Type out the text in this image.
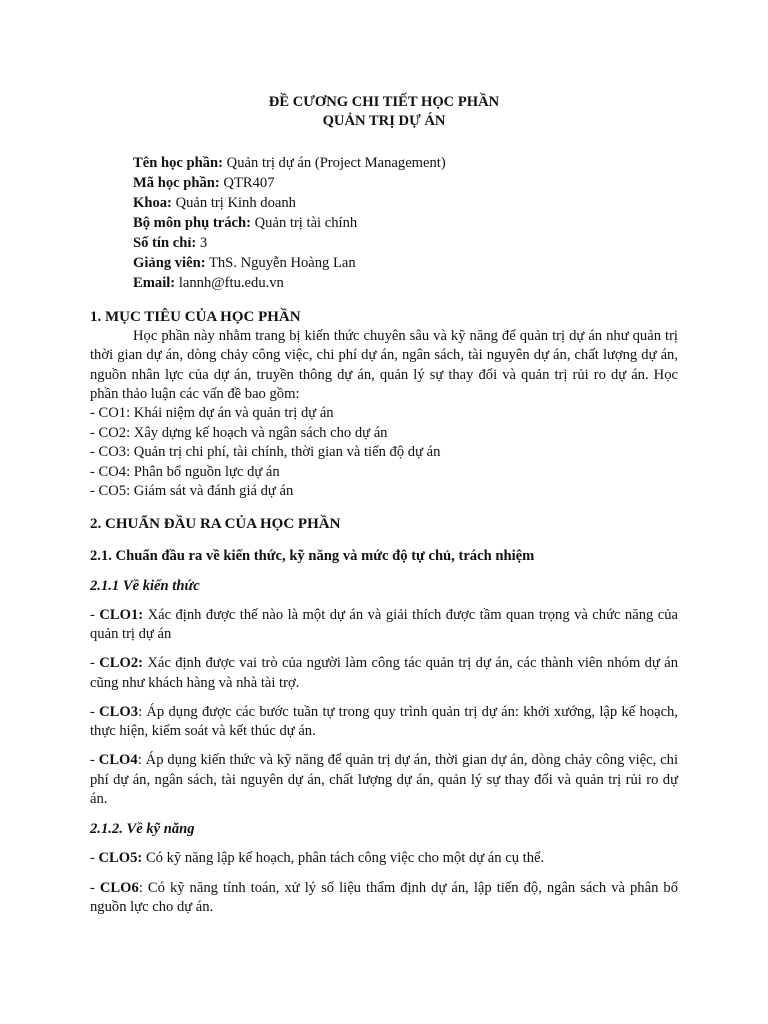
ĐỀ CƯƠNG CHI TIẾT HỌC PHẦN
QUẢN TRỊ DỰ ÁN
Tên học phần: Quản trị dự án (Project Management)
Mã học phần: QTR407
Khoa: Quản trị Kinh doanh
Bộ môn phụ trách: Quản trị tài chính
Số tín chỉ: 3
Giảng viên: ThS. Nguyễn Hoàng Lan
Email: lannh@ftu.edu.vn
1. MỤC TIÊU CỦA HỌC PHẦN

Học phần này nhằm trang bị kiến thức chuyên sâu và kỹ năng để quản trị dự án như quản trị thời gian dự án, dòng chảy công việc, chi phí dự án, ngân sách, tài nguyên dự án, chất lượng dự án, nguồn nhân lực của dự án, truyền thông dự án, quản lý sự thay đổi và quản trị rủi ro dự án. Học phần thảo luận các vấn đề bao gồm:

- CO1: Khái niệm dự án và quản trị dự án
- CO2: Xây dựng kế hoạch và ngân sách cho dự án
- CO3: Quản trị chi phí, tài chính, thời gian và tiến độ dự án
- CO4: Phân bổ nguồn lực dự án
- CO5: Giám sát và đánh giá dự án
2. CHUẨN ĐẦU RA CỦA HỌC PHẦN
2.1. Chuẩn đầu ra về kiến thức, kỹ năng và mức độ tự chủ, trách nhiệm
2.1.1 Về kiến thức
- CLO1: Xác định được thế nào là một dự án và giải thích được tầm quan trọng và chức năng của quản trị dự án
- CLO2: Xác định được vai trò của người làm công tác quản trị dự án, các thành viên nhóm dự án cũng như khách hàng và nhà tài trợ.
- CLO3: Áp dụng được các bước tuần tự trong quy trình quản trị dự án: khởi xướng, lập kế hoạch, thực hiện, kiểm soát và kết thúc dự án.
- CLO4: Áp dụng kiến thức và kỹ năng để quản trị dự án, thời gian dự án, dòng chảy công việc, chi phí dự án, ngân sách, tài nguyên dự án, chất lượng dự án, quản lý sự thay đổi và quản trị rủi ro dự án.
2.1.2. Về kỹ năng
- CLO5: Có kỹ năng lập kế hoạch, phân tách công việc cho một dự án cụ thể.
- CLO6: Có kỹ năng tính toán, xử lý số liệu thẩm định dự án, lập tiến độ, ngân sách và phân bổ nguồn lực cho dự án.
